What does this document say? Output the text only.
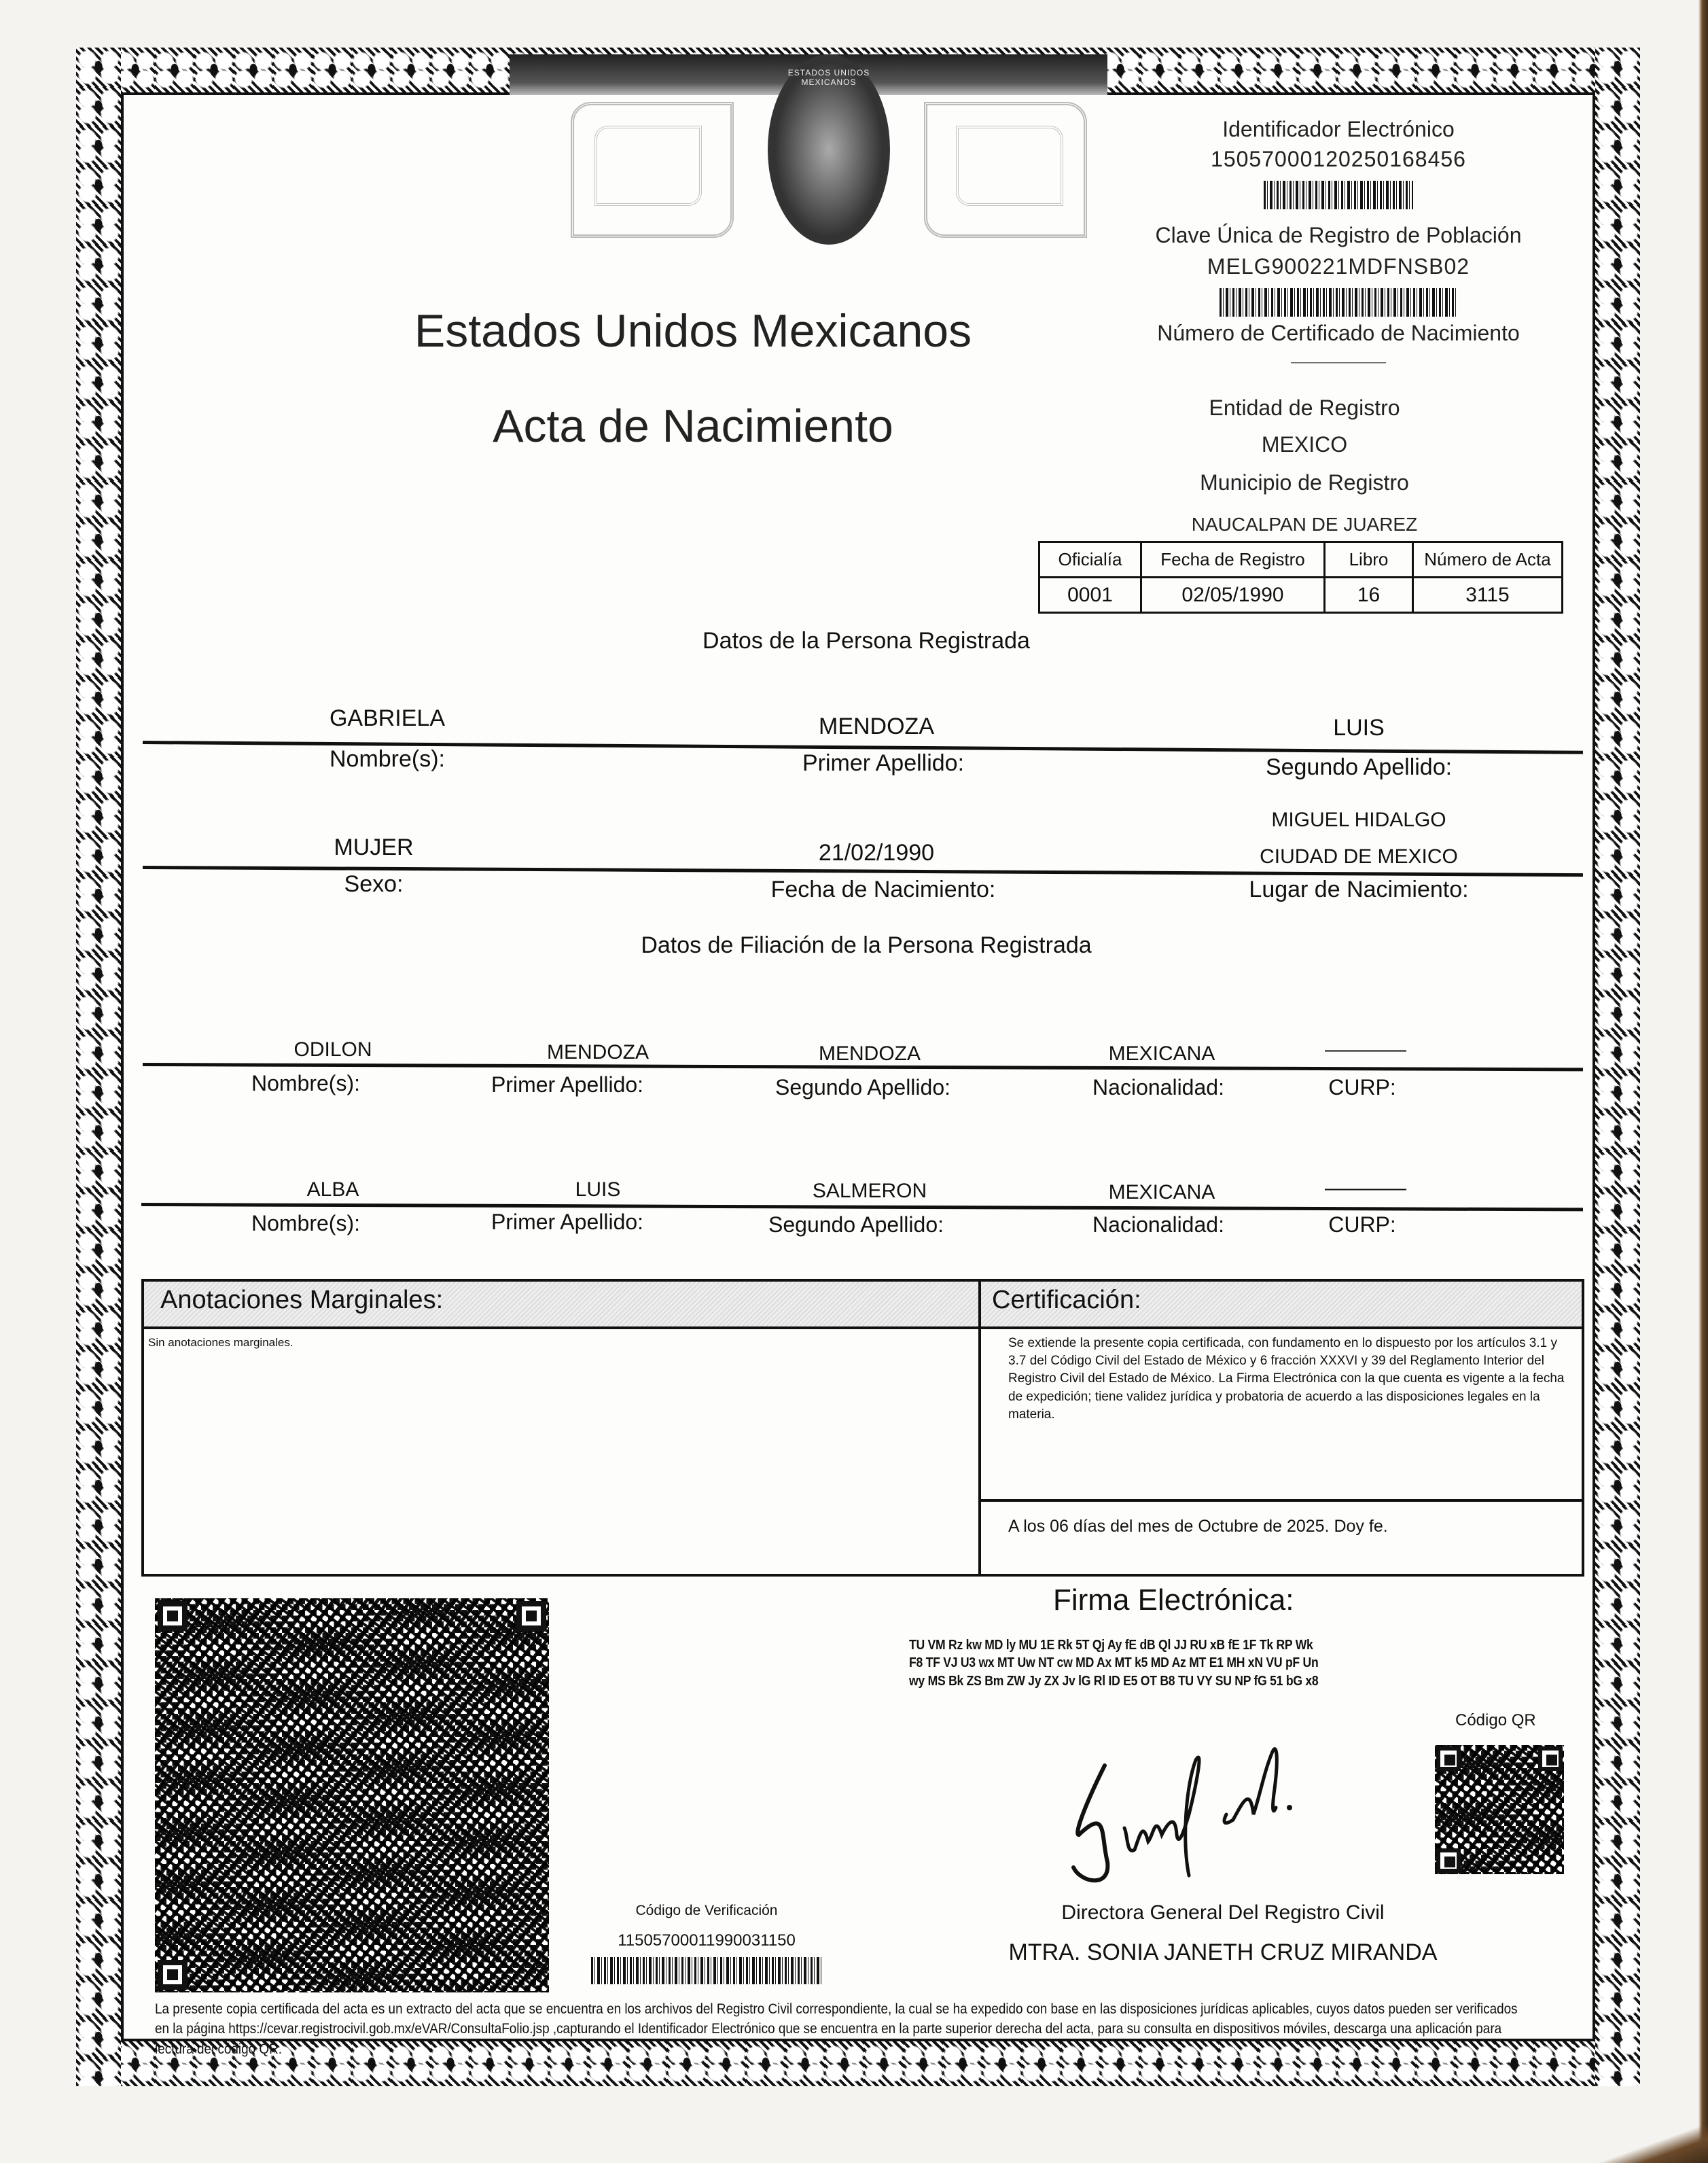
ESTADOS UNIDOS MEXICANOS
Estados Unidos Mexicanos
Acta de Nacimiento
Identificador Electrónico
15057000120250168456
Clave Única de Registro de Población
MELG900221MDFNSB02
Número de Certificado de Nacimiento
———————
Entidad de Registro
MEXICO
Municipio de Registro
NAUCALPAN DE JUAREZ
Oficialía	Fecha de Registro	Libro	Número de Acta
0001	02/05/1990	16	3115
Datos de la Persona Registrada
GABRIELA	MENDOZA	LUIS
Nombre(s):	Primer Apellido:	Segundo Apellido:
MIGUEL HIDALGO
MUJER	21/02/1990	CIUDAD DE MEXICO
Sexo:	Fecha de Nacimiento:	Lugar de Nacimiento:
Datos de Filiación de la Persona Registrada
ODILON	MENDOZA	MENDOZA	MEXICANA	————
Nombre(s):	Primer Apellido:	Segundo Apellido:	Nacionalidad:	CURP:
ALBA	LUIS	SALMERON	MEXICANA	————
Nombre(s):	Primer Apellido:	Segundo Apellido:	Nacionalidad:	CURP:
Anotaciones Marginales:
Sin anotaciones marginales.
Certificación:
Se extiende la presente copia certificada, con fundamento en lo dispuesto por los artículos 3.1 y 3.7 del Código Civil del Estado de México y 6 fracción XXXVI y 39 del Reglamento Interior del Registro Civil del Estado de México. La Firma Electrónica con la que cuenta es vigente a la fecha de expedición; tiene validez jurídica y probatoria de acuerdo a las disposiciones legales en la materia.
A los 06 días del mes de Octubre de 2025. Doy fe.
Código de Verificación
11505700011990031150
Firma Electrónica:
TU VM Rz kw MD ly MU 1E Rk 5T Qj Ay fE dB Ql JJ RU xB fE 1F Tk RP Wk
F8 TF VJ U3 wx MT Uw NT cw MD Ax MT k5 MD Az MT E1 MH xN VU pF Un
wy MS Bk ZS Bm ZW Jy ZX Jv lG Rl ID E5 OT B8 TU VY SU NP fG 51 bG x8
Código QR
Directora General Del Registro Civil
MTRA. SONIA JANETH CRUZ MIRANDA
La presente copia certificada del acta es un extracto del acta que se encuentra en los archivos del Registro Civil correspondiente, la cual se ha expedido con base en las disposiciones jurídicas aplicables, cuyos datos pueden ser verificados en la página https://cevar.registrocivil.gob.mx/eVAR/ConsultaFolio.jsp ,capturando el Identificador Electrónico que se encuentra en la parte superior derecha del acta, para su consulta en dispositivos móviles, descarga una aplicación para lectura del código QR.
